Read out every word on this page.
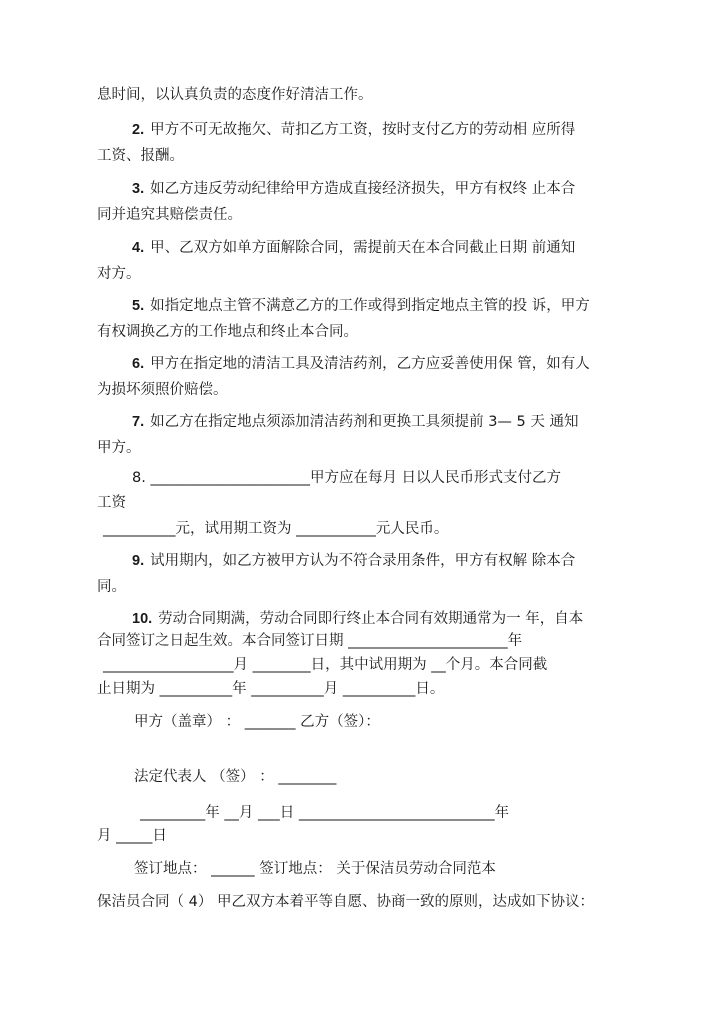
息时间，以认真负责的态度作好清洁工作。
2. 甲方不可无故拖欠、苛扣乙方工资，按时支付乙方的劳动相 应所得
工资、报酬。
3. 如乙方违反劳动纪律给甲方造成直接经济损失，甲方有权终 止本合
同并追究其赔偿责任。
4. 甲、乙双方如单方面解除合同，需提前天在本合同截止日期 前通知
对方。
5. 如指定地点主管不满意乙方的工作或得到指定地点主管的投 诉，甲方
有权调换乙方的工作地点和终止本合同。
6. 甲方在指定地的清洁工具及清洁药剂，乙方应妥善使用保 管，如有人
为损坏须照价赔偿。
7. 如乙方在指定地点须添加清洁药剂和更换工具须提前 3— 5 天 通知
甲方。
8. ______________________甲方应在每月 日以人民币形式支付乙方
工资
__________元，试用期工资为 ___________元人民币。
9. 试用期内，如乙方被甲方认为不符合录用条件，甲方有权解 除本合
同。
10. 劳动合同期满，劳动合同即行终止本合同有效期通常为一 年，自本
合同签订之日起生效。本合同签订日期 ______________________年
__________________月 ________日，其中试用期为 __个月。本合同截
止日期为 __________年 __________月 __________日。
甲方（盖章） ： _______ 乙方（签）：
法定代表人 （签） ： ________
_________年 __月 ___日 ___________________________年
月 _____日
签订地点： ______ 签订地点： 关于保洁员劳动合同范本
保洁员合同（ 4） 甲乙双方本着平等自愿、协商一致的原则，达成如下协议：
